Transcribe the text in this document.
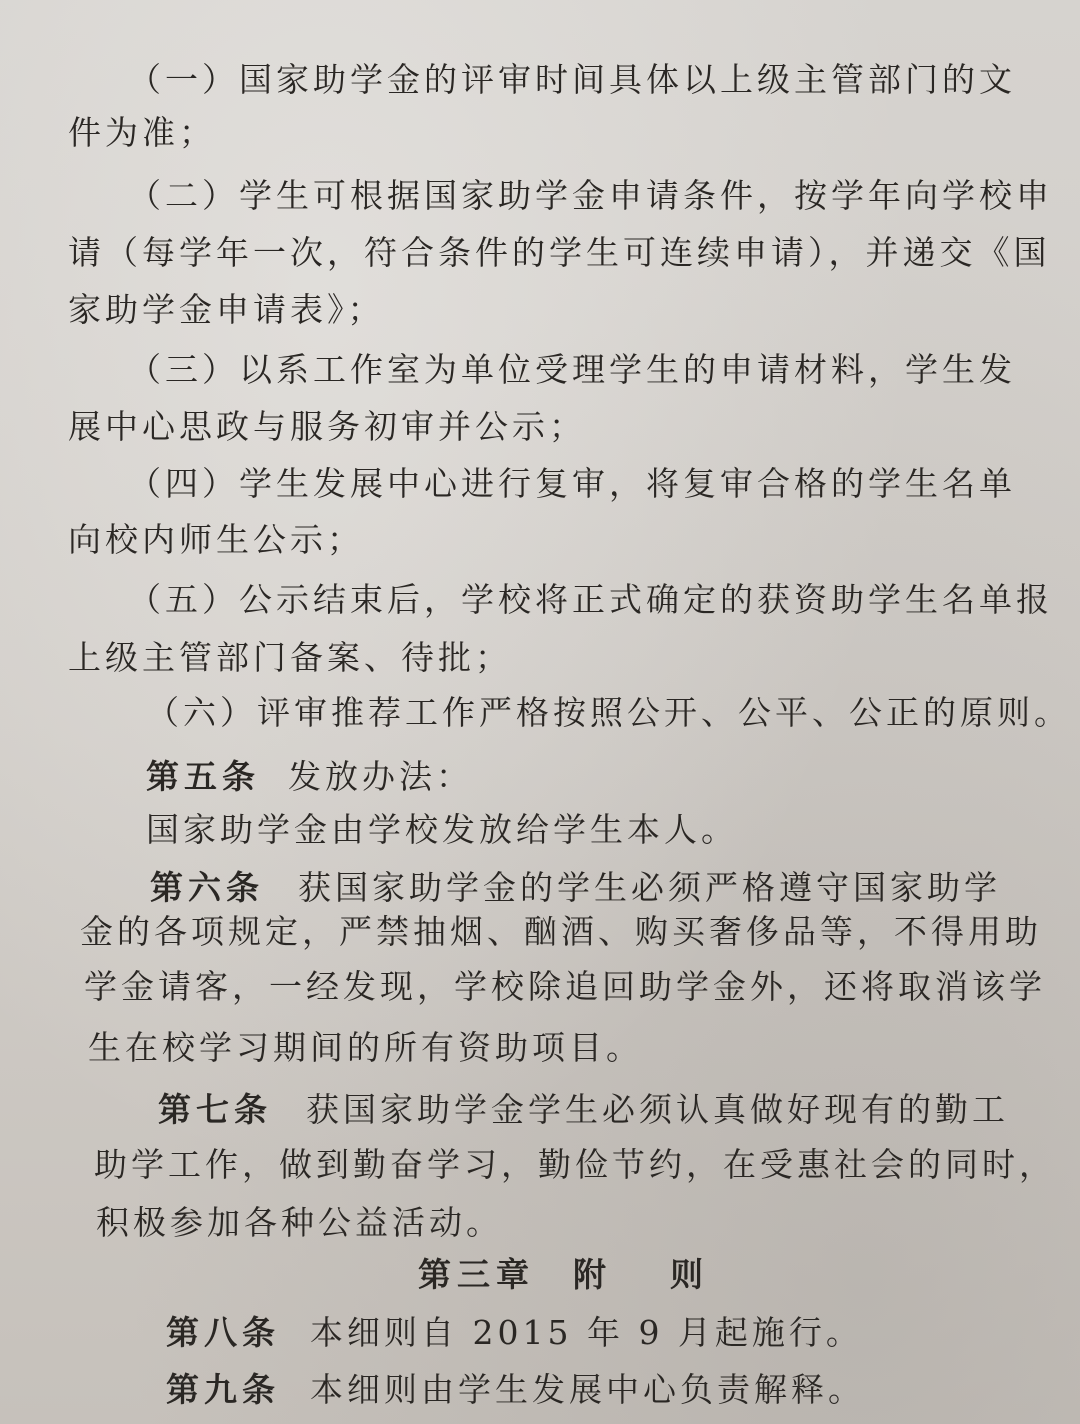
（一）国家助学金的评审时间具体以上级主管部门的文
件为准；
（二）学生可根据国家助学金申请条件，按学年向学校申
请（每学年一次，符合条件的学生可连续申请），并递交《国
家助学金申请表》；
（三）以系工作室为单位受理学生的申请材料，学生发
展中心思政与服务初审并公示；
（四）学生发展中心进行复审，将复审合格的学生名单
向校内师生公示；
（五）公示结束后，学校将正式确定的获资助学生名单报
上级主管部门备案、待批；
（六）评审推荐工作严格按照公开、公平、公正的原则。
第五条 发放办法：
国家助学金由学校发放给学生本人。
第六条 获国家助学金的学生必须严格遵守国家助学
金的各项规定，严禁抽烟、酗酒、购买奢侈品等，不得用助
学金请客，一经发现，学校除追回助学金外，还将取消该学
生在校学习期间的所有资助项目。
第七条 获国家助学金学生必须认真做好现有的勤工
助学工作，做到勤奋学习，勤俭节约，在受惠社会的同时，
积极参加各种公益活动。
第三章 附 则
第八条 本细则自 2015 年 9 月起施行。
第九条 本细则由学生发展中心负责解释。
